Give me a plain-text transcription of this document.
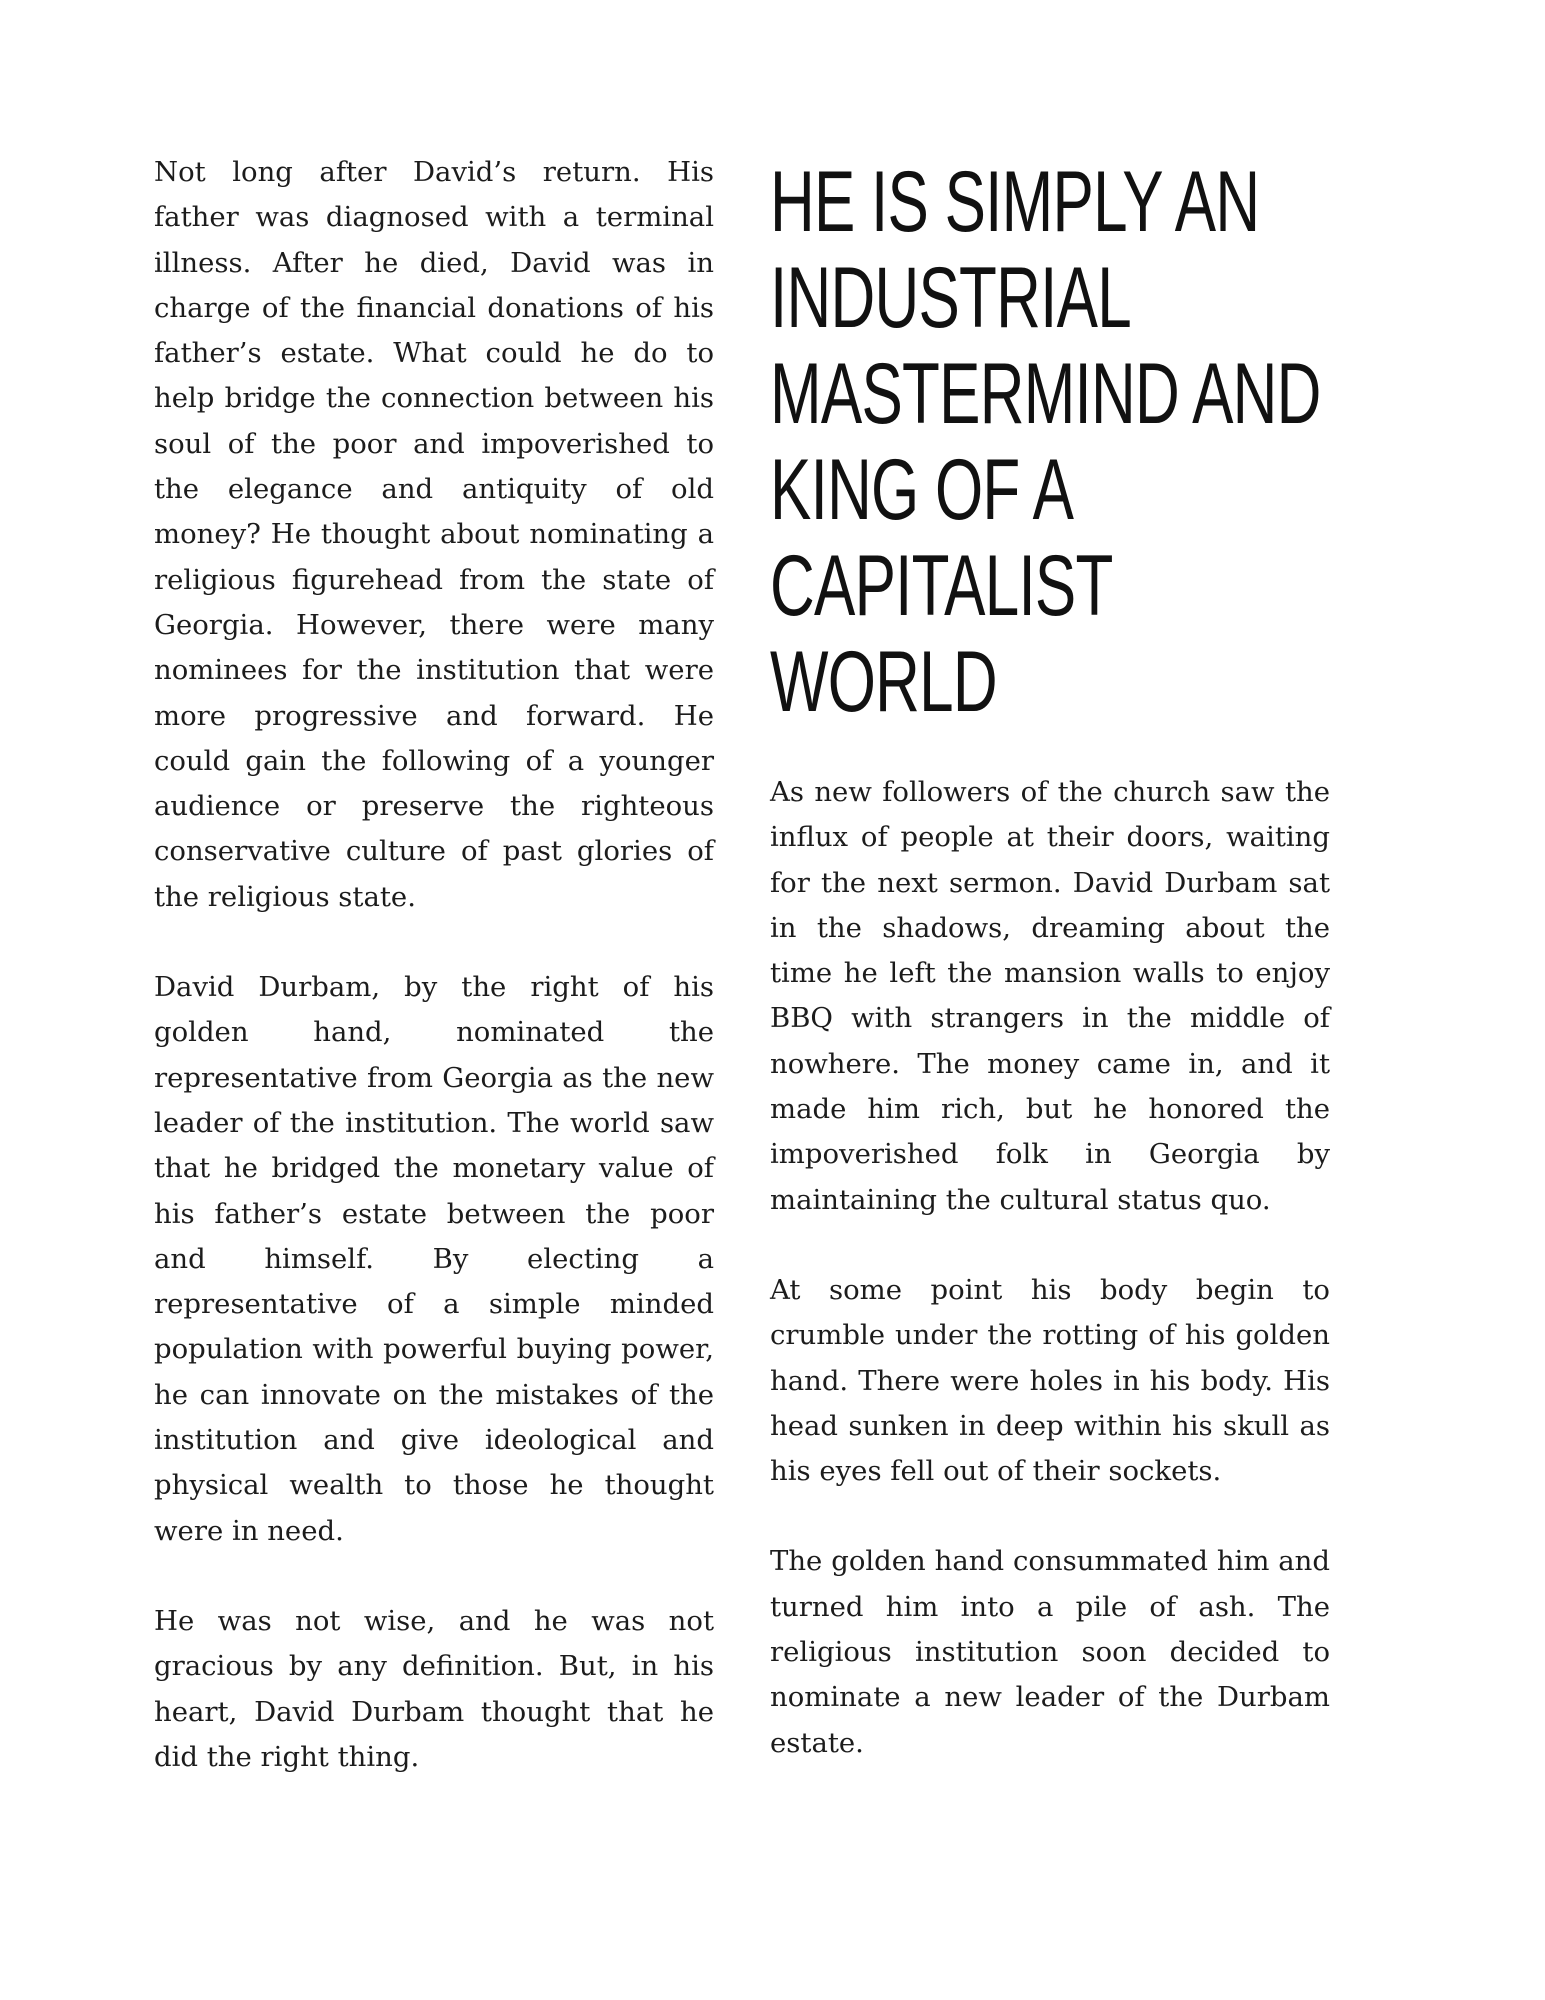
Not long after David’s return. His father was diagnosed with a terminal illness. After he died, David was in charge of the financial donations of his father’s estate. What could he do to help bridge the connection between his soul of the poor and impoverished to the elegance and antiquity of old money? He thought about nominating a religious figurehead from the state of Georgia. However, there were many nominees for the institution that were more progressive and forward. He could gain the following of a younger audience or preserve the righteous conservative culture of past glories of the religious state.

David Durbam, by the right of his golden hand, nominated the representative from Georgia as the new leader of the institution. The world saw that he bridged the monetary value of his father’s estate between the poor and himself. By electing a representative of a simple minded population with powerful buying power, he can innovate on the mistakes of the institution and give ideological and physical wealth to those he thought were in need.

He was not wise, and he was not gracious by any definition. But, in his heart, David Durbam thought that he did the right thing.

HE IS SIMPLY AN INDUSTRIAL MASTERMIND AND KING OF A CAPITALIST WORLD

As new followers of the church saw the influx of people at their doors, waiting for the next sermon. David Durbam sat in the shadows, dreaming about the time he left the mansion walls to enjoy BBQ with strangers in the middle of nowhere. The money came in, and it made him rich, but he honored the impoverished folk in Georgia by maintaining the cultural status quo.

At some point his body begin to crumble under the rotting of his golden hand. There were holes in his body. His head sunken in deep within his skull as his eyes fell out of their sockets.

The golden hand consummated him and turned him into a pile of ash. The religious institution soon decided to nominate a new leader of the Durbam estate.
